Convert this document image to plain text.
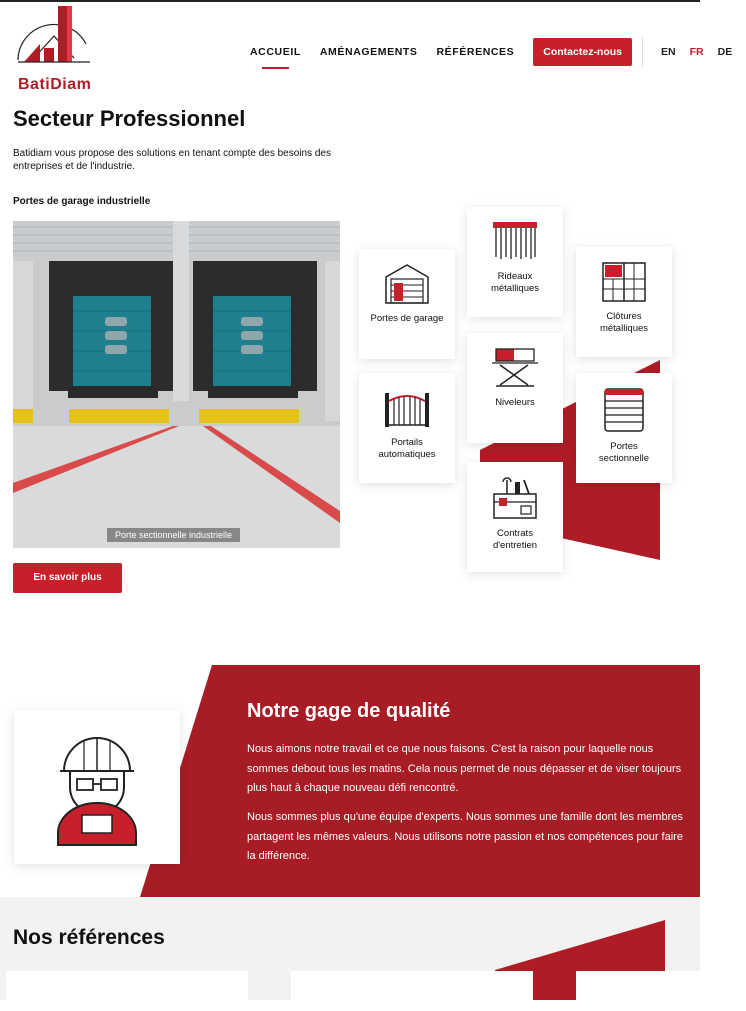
BatiDiam
ACCUEIL AMÉNAGEMENTS RÉFÉRENCES	Contactez-nous	EN FR DE
Secteur Professionnel

Batidiam vous propose des solutions en tenant compte des besoins des entreprises et de l'industrie.

Portes de garage industrielle
Porte sectionnelle industrielle
En savoir plus
Portes de garage
Rideaux métalliques
Clôtures métalliques
Portails automatiques
Niveleurs
Portes sectionnelle
Contrats d'entretien
Notre gage de qualité

Nous aimons notre travail et ce que nous faisons. C'est la raison pour laquelle nous sommes debout tous les matins. Cela nous permet de nous dépasser et de viser toujours plus haut à chaque nouveau défi rencontré.

Nous sommes plus qu'une équipe d'experts. Nous sommes une famille dont les membres partagent les mêmes valeurs. Nous utilisons notre passion et nos compétences pour faire la différence.

Nos références
